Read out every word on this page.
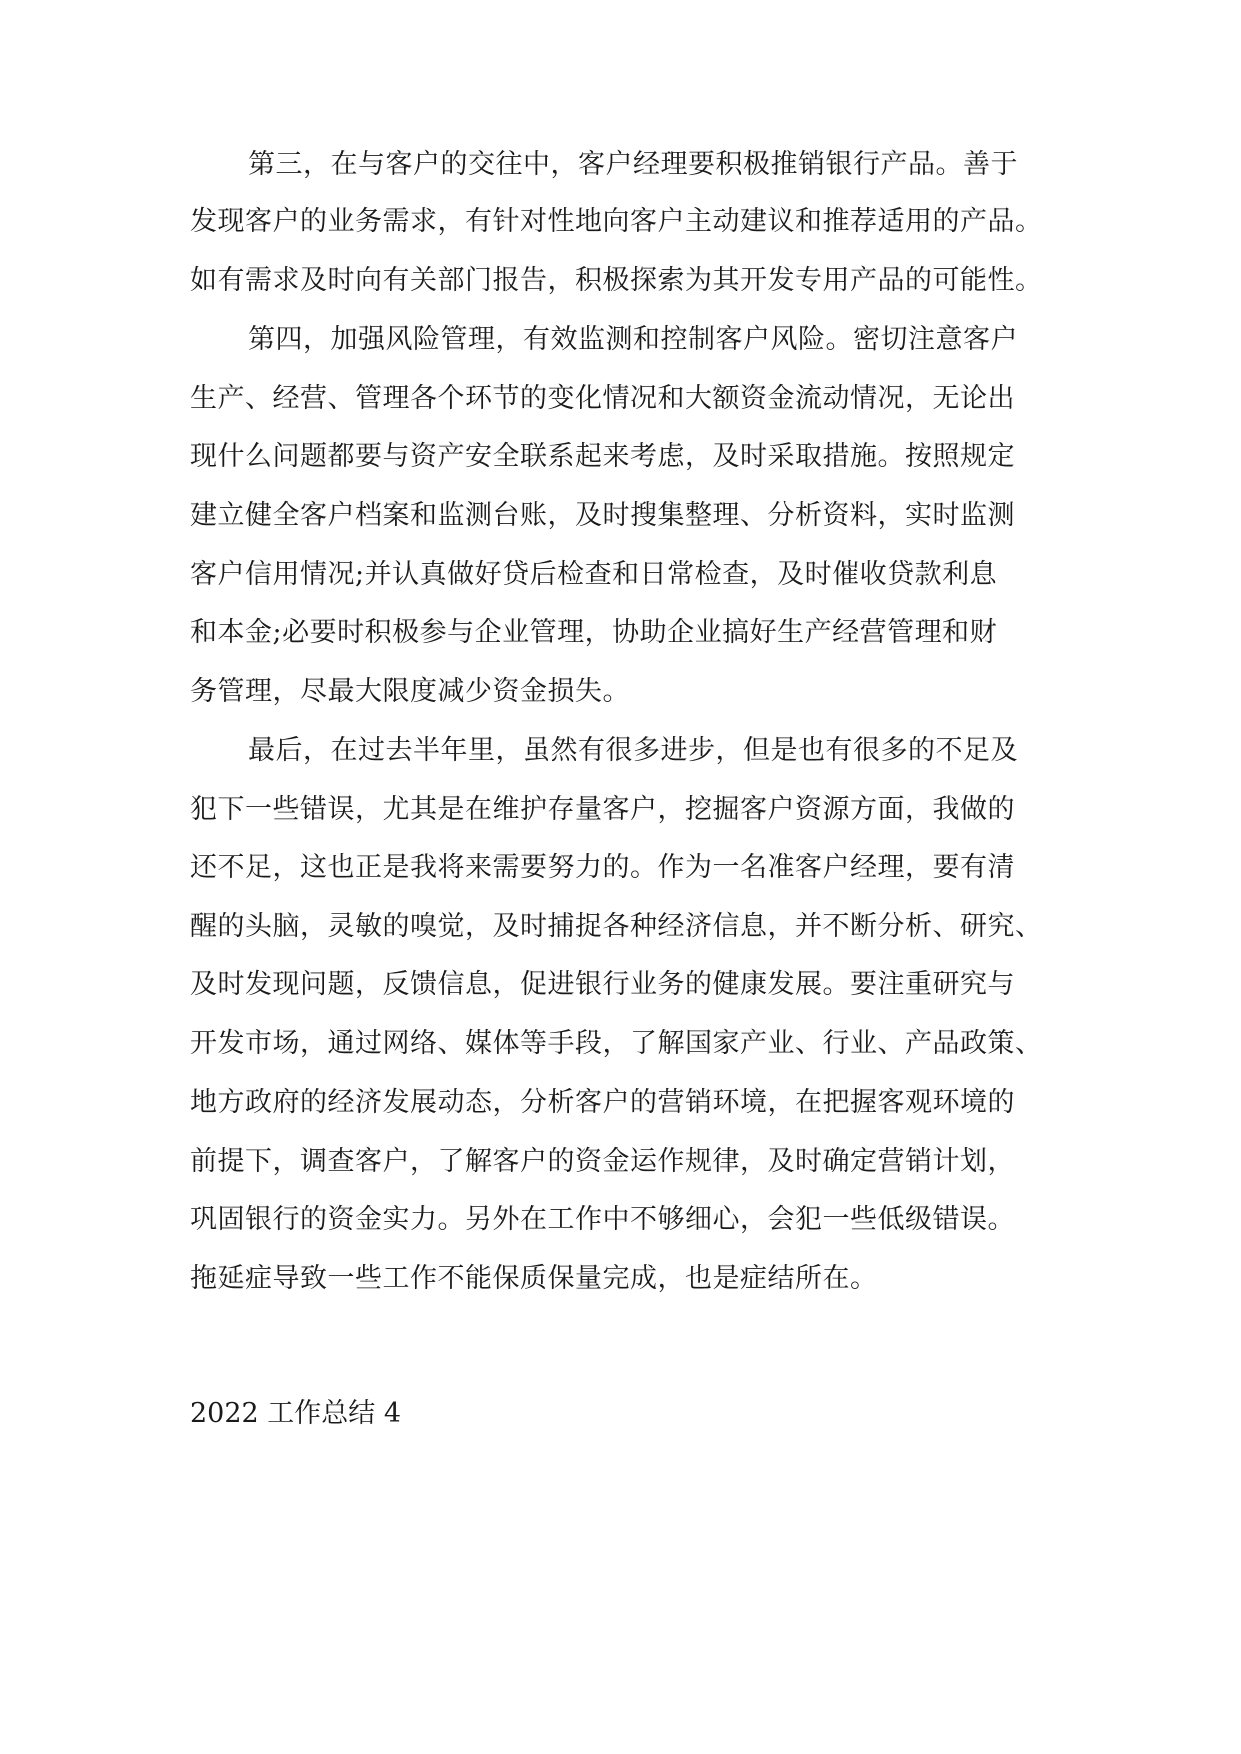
第三，在与客户的交往中，客户经理要积极推销银行产品。善于
发现客户的业务需求，有针对性地向客户主动建议和推荐适用的产品。
如有需求及时向有关部门报告，积极探索为其开发专用产品的可能性。
第四，加强风险管理，有效监测和控制客户风险。密切注意客户
生产、经营、管理各个环节的变化情况和大额资金流动情况，无论出
现什么问题都要与资产安全联系起来考虑，及时采取措施。按照规定
建立健全客户档案和监测台账，及时搜集整理、分析资料，实时监测
客户信用情况;并认真做好贷后检查和日常检查，及时催收贷款利息
和本金;必要时积极参与企业管理，协助企业搞好生产经营管理和财
务管理，尽最大限度减少资金损失。
最后，在过去半年里，虽然有很多进步，但是也有很多的不足及
犯下一些错误，尤其是在维护存量客户，挖掘客户资源方面，我做的
还不足，这也正是我将来需要努力的。作为一名准客户经理，要有清
醒的头脑，灵敏的嗅觉，及时捕捉各种经济信息，并不断分析、研究、
及时发现问题，反馈信息，促进银行业务的健康发展。要注重研究与
开发市场，通过网络、媒体等手段，了解国家产业、行业、产品政策、
地方政府的经济发展动态，分析客户的营销环境，在把握客观环境的
前提下，调查客户，了解客户的资金运作规律，及时确定营销计划，
巩固银行的资金实力。另外在工作中不够细心，会犯一些低级错误。
拖延症导致一些工作不能保质保量完成，也是症结所在。
2022 工作总结 4
